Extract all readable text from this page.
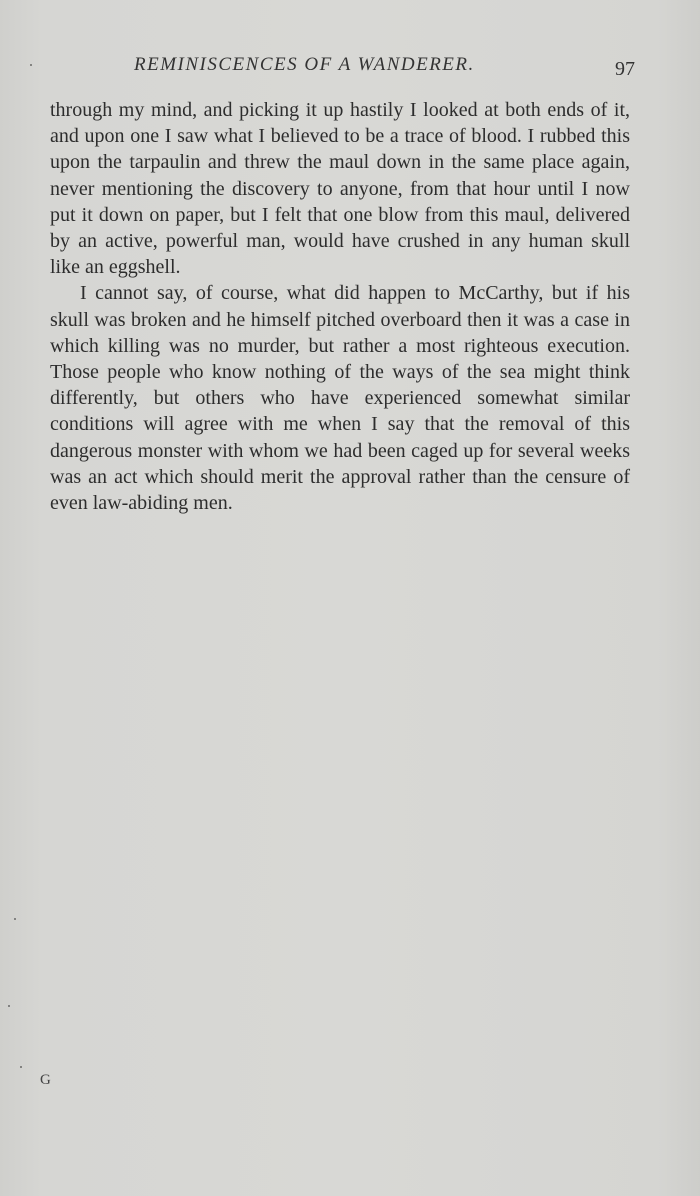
REMINISCENCES OF A WANDERER.	97

through my mind, and picking it up hastily I looked at both ends of it, and upon one I saw what I believed to be a trace of blood. I rubbed this upon the tarpaulin and threw the maul down in the same place again, never mentioning the discovery to anyone, from that hour until I now put it down on paper, but I felt that one blow from this maul, delivered by an active, powerful man, would have crushed in any human skull like an eggshell.

I cannot say, of course, what did happen to McCarthy, but if his skull was broken and he himself pitched overboard then it was a case in which killing was no murder, but rather a most righteous execution. Those people who know nothing of the ways of the sea might think differently, but others who have experienced somewhat similar conditions will agree with me when I say that the removal of this dangerous monster with whom we had been caged up for several weeks was an act which should merit the approval rather than the censure of even law-abiding men.

G
